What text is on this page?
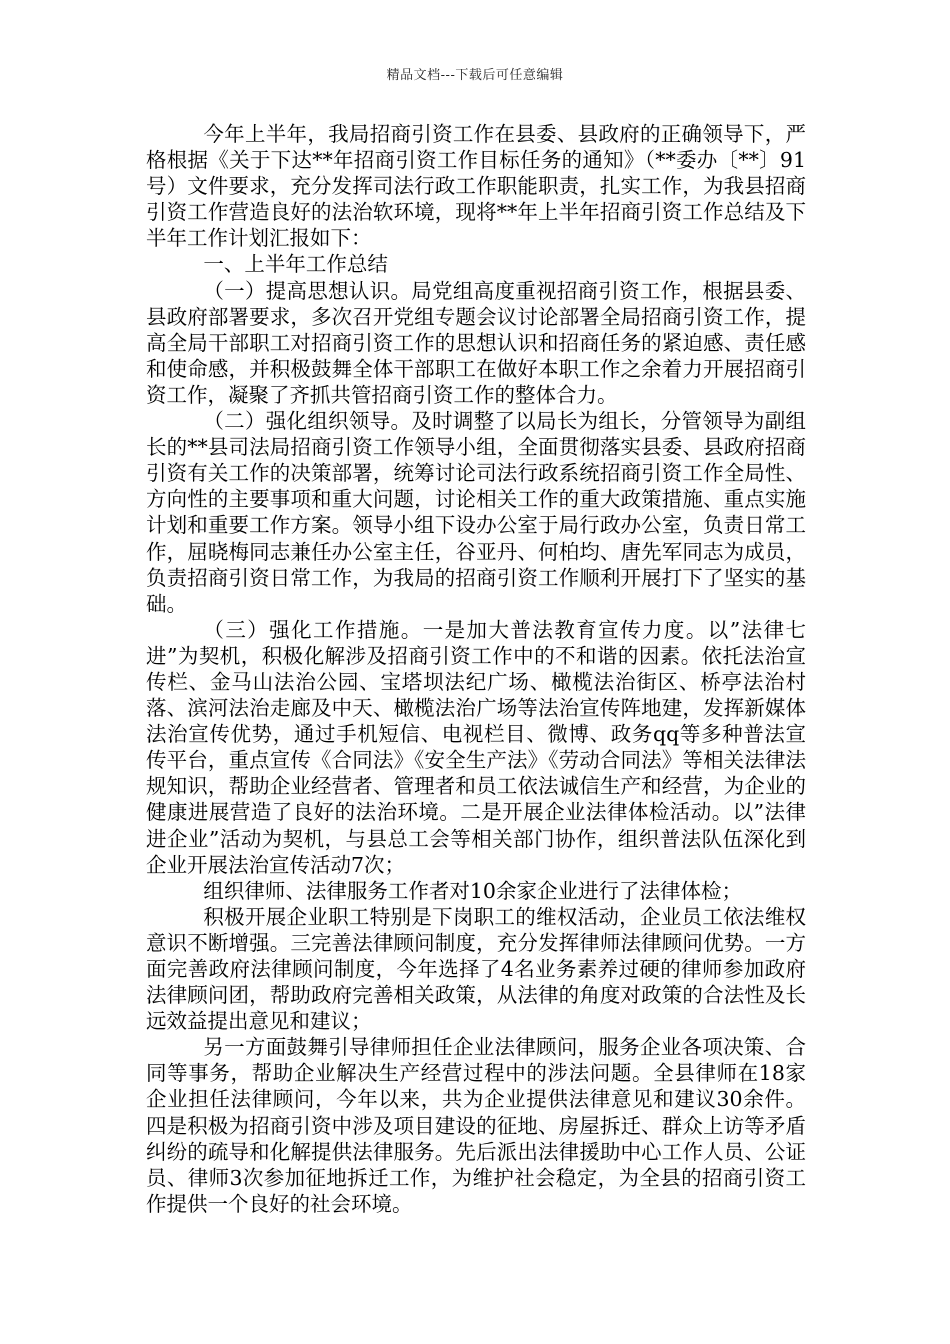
精品文档---下载后可任意编辑

今年上半年，我局招商引资工作在县委、县政府的正确领导下，严格根据《关于下达**年招商引资工作目标任务的通知》（**委办〔**〕91号）文件要求，充分发挥司法行政工作职能职责，扎实工作，为我县招商引资工作营造良好的法治软环境，现将**年上半年招商引资工作总结及下半年工作计划汇报如下：

一、上半年工作总结

（一）提高思想认识。局党组高度重视招商引资工作，根据县委、县政府部署要求，多次召开党组专题会议讨论部署全局招商引资工作，提高全局干部职工对招商引资工作的思想认识和招商任务的紧迫感、责任感和使命感，并积极鼓舞全体干部职工在做好本职工作之余着力开展招商引资工作，凝聚了齐抓共管招商引资工作的整体合力。

（二）强化组织领导。及时调整了以局长为组长，分管领导为副组长的**县司法局招商引资工作领导小组，全面贯彻落实县委、县政府招商引资有关工作的决策部署，统筹讨论司法行政系统招商引资工作全局性、方向性的主要事项和重大问题，讨论相关工作的重大政策措施、重点实施计划和重要工作方案。领导小组下设办公室于局行政办公室，负责日常工作，屈晓梅同志兼任办公室主任，谷亚丹、何柏均、唐先军同志为成员，负责招商引资日常工作，为我局的招商引资工作顺利开展打下了坚实的基础。

（三）强化工作措施。一是加大普法教育宣传力度。以”法律七进”为契机，积极化解涉及招商引资工作中的不和谐的因素。依托法治宣传栏、金马山法治公园、宝塔坝法纪广场、橄榄法治街区、桥亭法治村落、滨河法治走廊及中天、橄榄法治广场等法治宣传阵地建，发挥新媒体法治宣传优势，通过手机短信、电视栏目、微博、政务qq等多种普法宣传平台，重点宣传《合同法》《安全生产法》《劳动合同法》等相关法律法规知识，帮助企业经营者、管理者和员工依法诚信生产和经营，为企业的健康进展营造了良好的法治环境。二是开展企业法律体检活动。以”法律进企业”活动为契机，与县总工会等相关部门协作，组织普法队伍深化到企业开展法治宣传活动7次；

组织律师、法律服务工作者对10余家企业进行了法律体检；

积极开展企业职工特别是下岗职工的维权活动，企业员工依法维权意识不断增强。三完善法律顾问制度，充分发挥律师法律顾问优势。一方面完善政府法律顾问制度，今年选择了4名业务素养过硬的律师参加政府法律顾问团，帮助政府完善相关政策，从法律的角度对政策的合法性及长远效益提出意见和建议；

另一方面鼓舞引导律师担任企业法律顾问，服务企业各项决策、合同等事务，帮助企业解决生产经营过程中的涉法问题。全县律师在18家企业担任法律顾问，今年以来，共为企业提供法律意见和建议30余件。四是积极为招商引资中涉及项目建设的征地、房屋拆迁、群众上访等矛盾纠纷的疏导和化解提供法律服务。先后派出法律援助中心工作人员、公证员、律师3次参加征地拆迁工作，为维护社会稳定，为全县的招商引资工作提供一个良好的社会环境。
